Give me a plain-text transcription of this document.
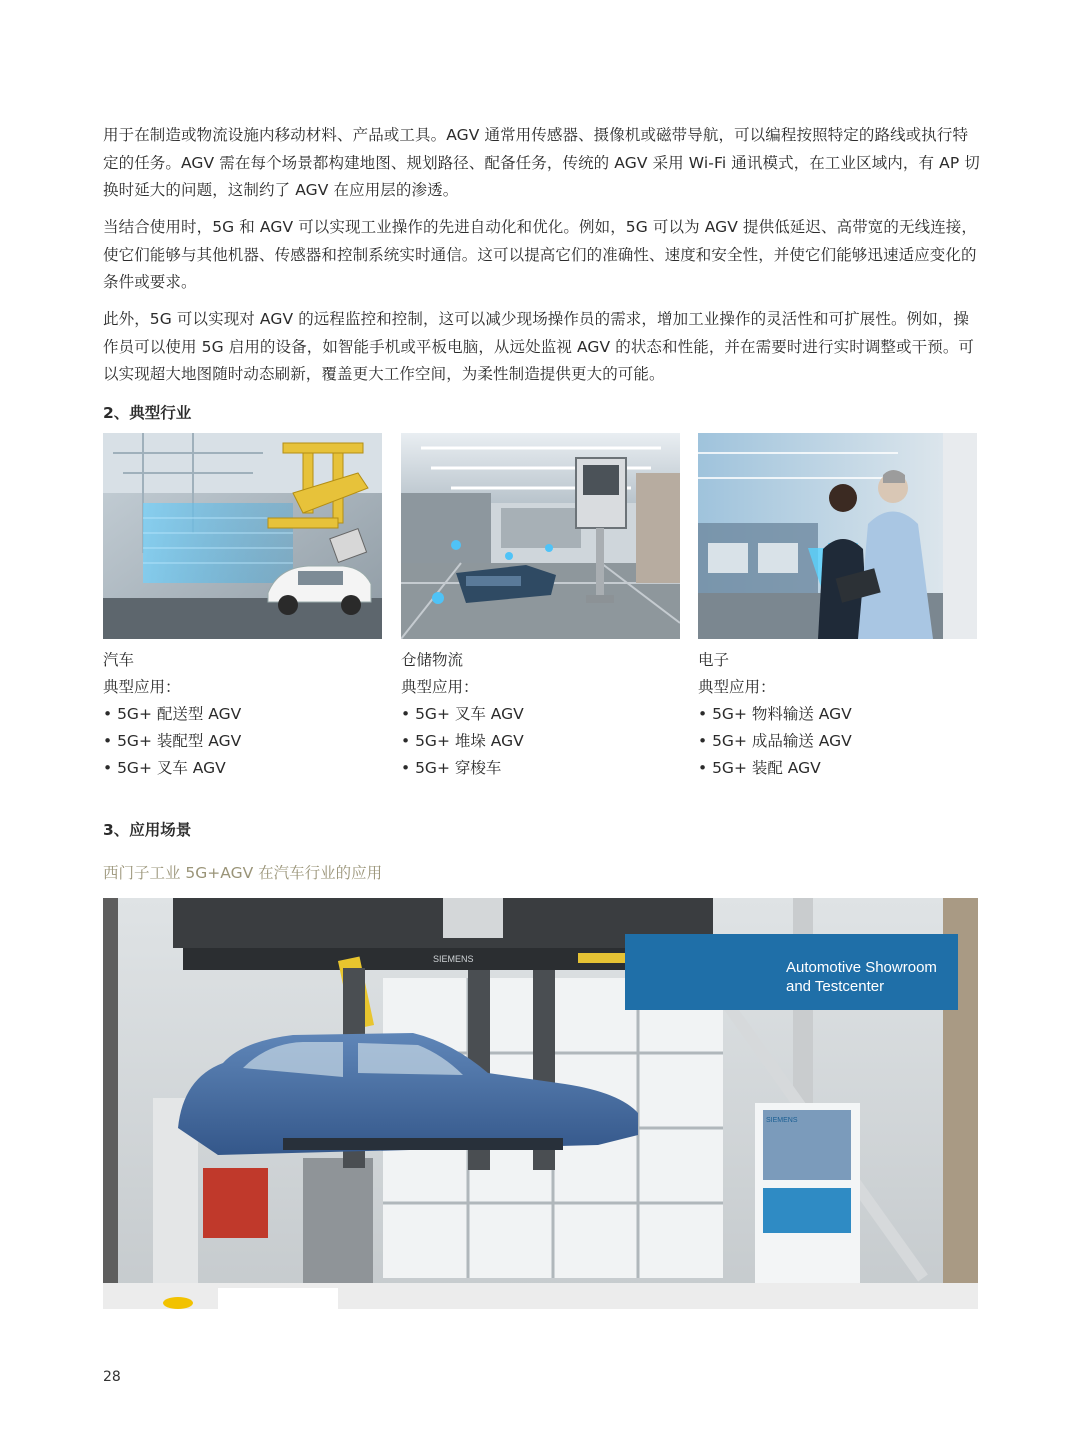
用于在制造或物流设施内移动材料、产品或工具。AGV 通常用传感器、摄像机或磁带导航，可以编程按照特定的路线或执行特定的任务。AGV 需在每个场景都构建地图、规划路径、配备任务，传统的 AGV 采用 Wi-Fi 通讯模式，在工业区域内，有 AP 切换时延大的问题，这制约了 AGV 在应用层的渗透。

当结合使用时，5G 和 AGV 可以实现工业操作的先进自动化和优化。例如，5G 可以为 AGV 提供低延迟、高带宽的无线连接，使它们能够与其他机器、传感器和控制系统实时通信。这可以提高它们的准确性、速度和安全性，并使它们能够迅速适应变化的条件或要求。

此外，5G 可以实现对 AGV 的远程监控和控制，这可以减少现场操作员的需求，增加工业操作的灵活性和可扩展性。例如，操作员可以使用 5G 启用的设备，如智能手机或平板电脑，从远处监视 AGV 的状态和性能，并在需要时进行实时调整或干预。可以实现超大地图随时动态刷新，覆盖更大工作空间，为柔性制造提供更大的可能。

2、典型行业
汽车
典型应用：
• 5G+ 配送型 AGV
• 5G+ 装配型 AGV
• 5G+ 叉车 AGV
仓储物流
典型应用：
• 5G+ 叉车 AGV
• 5G+ 堆垛 AGV
• 5G+ 穿梭车
电子
典型应用：
• 5G+ 物料输送 AGV
• 5G+ 成品输送 AGV
• 5G+ 装配 AGV
3、应用场景

西门子工业 5G+AGV 在汽车行业的应用

SIEMENS	Automotive Showroom
and Testcenter
SIEMENS
28
